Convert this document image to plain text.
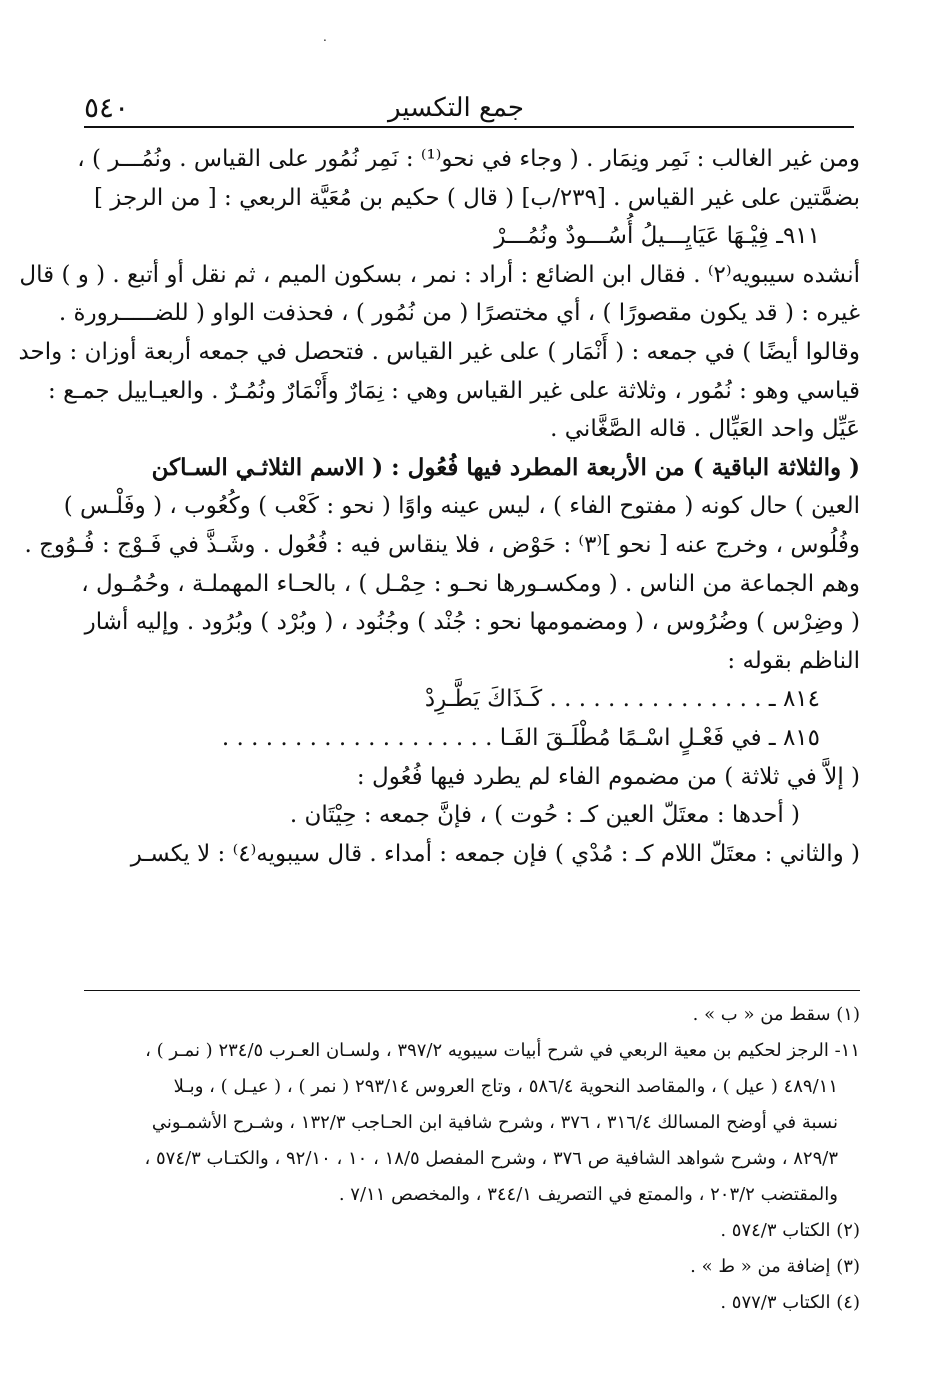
.
٥٤٠	جمع التكسير
ومن غير الغالب : نَمِر ونِمَار . ( وجاء في نحو⁽¹⁾ : نَمِر نُمُور على القياس . ونُمُـــر ) ،
بضمَّتين على غير القياس . [٢٣٩/ب] ( قال ) حكيم بن مُعَيَّة الربعي : [ من الرجز ]
٩١١ـ فِيْـهَا عَيَايِـــيلُ أُسُـــودٌ ونُمُـــرْ
أنشده سيبويه⁽٢⁾ . فقال ابن الضائع : أراد : نمر ، بسكون الميم ، ثم نقل أو أتبع . ( و ) قال
غيره : ( قد يكون مقصورًا ) ، أي مختصرًا ( من نُمُور ) ، فحذفت الواو ( للضـــــرورة .
وقالوا أيضًا ) في جمعه : ( أَنْمَار ) على غير القياس . فتحصل في جمعه أربعة أوزان : واحد
قياسي وهو : نُمُور ، وثلاثة على غير القياس وهي : نِمَارٌ وأَنْمَارٌ ونُمُـرٌ . والعيـاييل جمـع :
عَيِّل واحد العَيِّال . قاله الصَّغَّاني .
( والثلاثة الباقية ) من الأربعة المطرد فيها فُعُول : ( الاسم الثلاثـي السـاكن
العين ) حال كونه ( مفتوح الفاء ) ، ليس عينه واوًا ( نحو : كَعْب ) وكُعُوب ، ( وفَلْـس )
وفُلُوس ، وخرج عنه [ نحو ]⁽٣⁾ : حَوْض ، فلا ينقاس فيه : فُعُول . وشَـذَّ في فَـوْج : فُـوُوج .
وهم الجماعة من الناس . ( ومكسـورها نحـو : حِمْـل ) ، بالحـاء المهملـة ، وحُمُـول ،
( وضِرْس ) وضُرُوس ، ( ومضمومها نحو : جُنْد ) وجُنُود ، ( وبُرْد ) وبُرُود . وإليه أشار
الناظم بقوله :
٨١٤ ـ . . . . . . . . . . . . . . . كَـذَاكَ يَطَّـرِدْ
٨١٥ ـ في فَعْـلٍ اسْـمًا مُطْلَـقَ الفَـا . . . . . . . . . . . . . . . . . . .
( إلاَّ في ثلاثة ) من مضموم الفاء لم يطرد فيها فُعُول :
( أحدها : معتَلّ العين كـ : حُوت ) ، فإنَّ جمعه : حِيْتَان .
( والثاني : معتَلّ اللام كـ : مُدْي ) فإن جمعه : أمداء . قال سيبويه⁽٤⁾ : لا يكسـر
(١) سقط من « ب » .
١١- الرجز لحكيم بن معية الربعي في شرح أبيات سيبويه ٣٩٧/٢ ، ولسـان العـرب ٢٣٤/٥ ( نمـر ) ،
٤٨٩/١١ ( عيل ) ، والمقاصد النحوية ٥٨٦/٤ ، وتاج العروس ٢٩٣/١٤ ( نمر ) ، ( عيـل ) ، وبـلا
نسبة في أوضح المسالك ٣١٦/٤ ، ٣٧٦ ، وشرح شافية ابن الحـاجب ١٣٢/٣ ، وشـرح الأشمـوني
٨٢٩/٣ ، وشرح شواهد الشافية ص ٣٧٦ ، وشرح المفصل ١٨/٥ ، ١٠ ، ٩٢/١٠ ، والكتـاب ٥٧٤/٣ ،
والمقتضب ٢٠٣/٢ ، والممتع في التصريف ٣٤٤/١ ، والمخصص ٧/١١ .
(٢) الكتاب ٥٧٤/٣ .
(٣) إضافة من « ط » .
(٤) الكتاب ٥٧٧/٣ .
